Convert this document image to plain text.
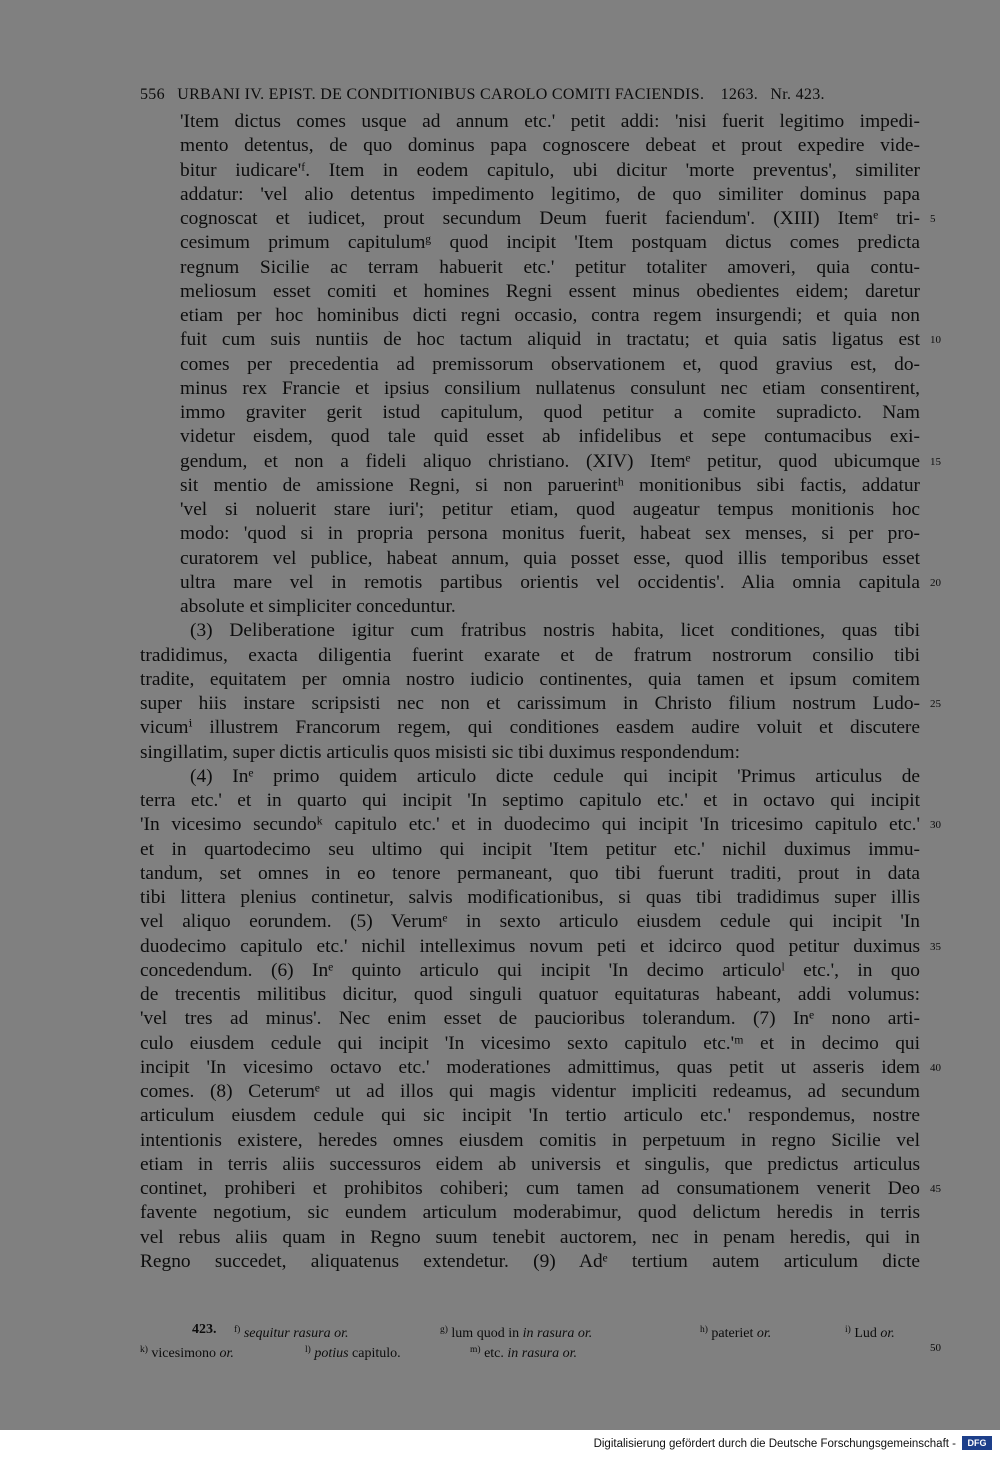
556 URBANI IV. EPIST. DE CONDITIONIBUS CAROLO COMITI FACIENDIS. 1263. Nr. 423.
'Item dictus comes usque ad annum etc.' petit addi: 'nisi fuerit legitimo impedi-
mento detentus, de quo dominus papa cognoscere debeat et prout expedire vide-
bitur iudicare'ᶠ. Item in eodem capitulo, ubi dicitur 'morte preventus', similiter
addatur: 'vel alio detentus impedimento legitimo, de quo similiter dominus papa
cognoscat et iudicet, prout secundum Deum fuerit faciendum'. (XIII) Itemᵉ tri-
cesimum primum capitulumᵍ quod incipit 'Item postquam dictus comes predicta
regnum Sicilie ac terram habuerit etc.' petitur totaliter amoveri, quia contu-
meliosum esset comiti et homines Regni essent minus obedientes eidem; daretur
etiam per hoc hominibus dicti regni occasio, contra regem insurgendi; et quia non
fuit cum suis nuntiis de hoc tactum aliquid in tractatu; et quia satis ligatus est
comes per precedentia ad premissorum observationem et, quod gravius est, do-
minus rex Francie et ipsius consilium nullatenus consulunt nec etiam consentirent,
immo graviter gerit istud capitulum, quod petitur a comite supradicto. Nam
videtur eisdem, quod tale quid esset ab infidelibus et sepe contumacibus exi-
gendum, et non a fideli aliquo christiano. (XIV) Itemᵉ petitur, quod ubicumque
sit mentio de amissione Regni, si non paruerintʰ monitionibus sibi factis, addatur
'vel si noluerit stare iuri'; petitur etiam, quod augeatur tempus monitionis hoc
modo: 'quod si in propria persona monitus fuerit, habeat sex menses, si per pro-
curatorem vel publice, habeat annum, quia posset esse, quod illis temporibus esset
ultra mare vel in remotis partibus orientis vel occidentis'. Alia omnia capitula
absolute et simpliciter conceduntur.
(3) Deliberatione igitur cum fratribus nostris habita, licet conditiones, quas tibi
tradidimus, exacta diligentia fuerint exarate et de fratrum nostrorum consilio tibi
tradite, equitatem per omnia nostro iudicio continentes, quia tamen et ipsum comitem
super hiis instare scripsisti nec non et carissimum in Christo filium nostrum Ludo-
vicumⁱ illustrem Francorum regem, qui conditiones easdem audire voluit et discutere
singillatim, super dictis articulis quos misisti sic tibi duximus respondendum:
(4) Inᵉ primo quidem articulo dicte cedule qui incipit 'Primus articulus de
terra etc.' et in quarto qui incipit 'In septimo capitulo etc.' et in octavo qui incipit
'In vicesimo secundoᵏ capitulo etc.' et in duodecimo qui incipit 'In tricesimo capitulo etc.'
et in quartodecimo seu ultimo qui incipit 'Item petitur etc.' nichil duximus immu-
tandum, set omnes in eo tenore permaneant, quo tibi fuerunt traditi, prout in data
tibi littera plenius continetur, salvis modificationibus, si quas tibi tradidimus super illis
vel aliquo eorundem. (5) Verumᵉ in sexto articulo eiusdem cedule qui incipit 'In
duodecimo capitulo etc.' nichil intelleximus novum peti et idcirco quod petitur duximus
concedendum. (6) Inᵉ quinto articulo qui incipit 'In decimo articuloˡ etc.', in quo
de trecentis militibus dicitur, quod singuli quatuor equitaturas habeant, addi volumus:
'vel tres ad minus'. Nec enim esset de paucioribus tolerandum. (7) Inᵉ nono arti-
culo eiusdem cedule qui incipit 'In vicesimo sexto capitulo etc.'ᵐ et in decimo qui
incipit 'In vicesimo octavo etc.' moderationes admittimus, quas petit ut asseris idem
comes. (8) Ceterumᵉ ut ad illos qui magis videntur impliciti redeamus, ad secundum
articulum eiusdem cedule qui sic incipit 'In tertio articulo etc.' respondemus, nostre
intentionis existere, heredes omnes eiusdem comitis in perpetuum in regno Sicilie vel
etiam in terris aliis successuros eidem ab universis et singulis, que predictus articulus
continet, prohiberi et prohibitos cohiberi; cum tamen ad consumationem venerit Deo
favente negotium, sic eundem articulum moderabimur, quod delictum heredis in terris
vel rebus aliis quam in Regno suum tenebit auctorem, nec in penam heredis, qui in
Regno succedet, aliquatenus extendetur. (9) Adᵉ tertium autem articulum dicte
5
10
15
20
25
30
35
40
45
50
423. $^{f)}$ sequitur rasura or.	$^{g)}$ lum quod in in rasura or.	$^{h)}$ pateriet or.	$^{i)}$ Lud or.
$^{k)}$ vicesimono or.	$^{l)}$ potius capitulo.	$^{m)}$ etc. in rasura or.
Digitalisierung gefördert durch die Deutsche Forschungsgemeinschaft -	DFG
